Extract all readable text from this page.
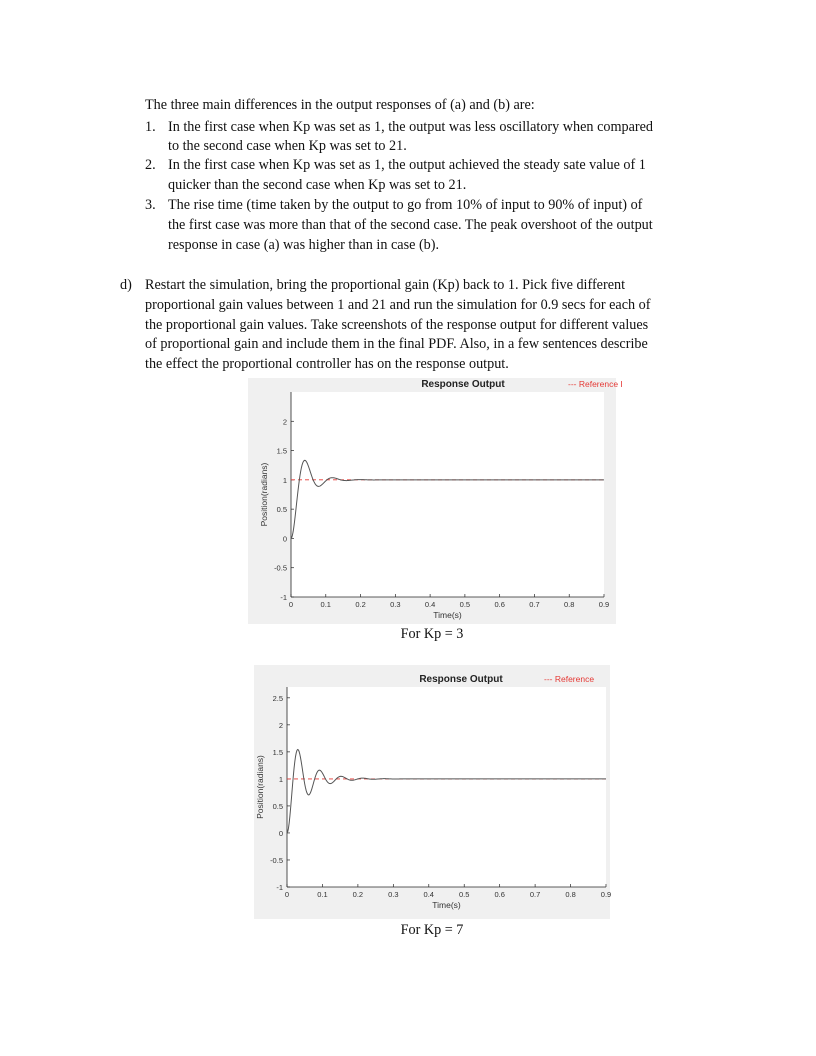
The three main differences in the output responses of (a) and (b) are:
1. In the first case when Kp was set as 1, the output was less oscillatory when compared
to the second case when Kp was set to 21.
2. In the first case when Kp was set as 1, the output achieved the steady sate value of 1
quicker than the second case when Kp was set to 21.
3. The rise time (time taken by the output to go from 10% of input to 90% of input) of
the first case was more than that of the second case. The peak overshoot of the output
response in case (a) was higher than in case (b).
d) Restart the simulation, bring the proportional gain (Kp) back to 1. Pick five different
proportional gain values between 1 and 21 and run the simulation for 0.9 secs for each of
the proportional gain values. Take screenshots of the response output for different values
of proportional gain and include them in the final PDF. Also, in a few sentences describe
the effect the proportional controller has on the response output.
Response Output	--- Reference I
0	0.1	0.2	0.3	0.4	0.5	0.6	0.7	0.8	0.9
2
1.5
1
0.5
0
-0.5
-1
Time(s)
Position(radians)
For Kp = 3
Response Output	--- Reference
0	0.1	0.2	0.3	0.4	0.5	0.6	0.7	0.8	0.9
2.5
2
1.5
1
0.5
0
-0.5
-1
Time(s)
Position(radians)
For Kp = 7
